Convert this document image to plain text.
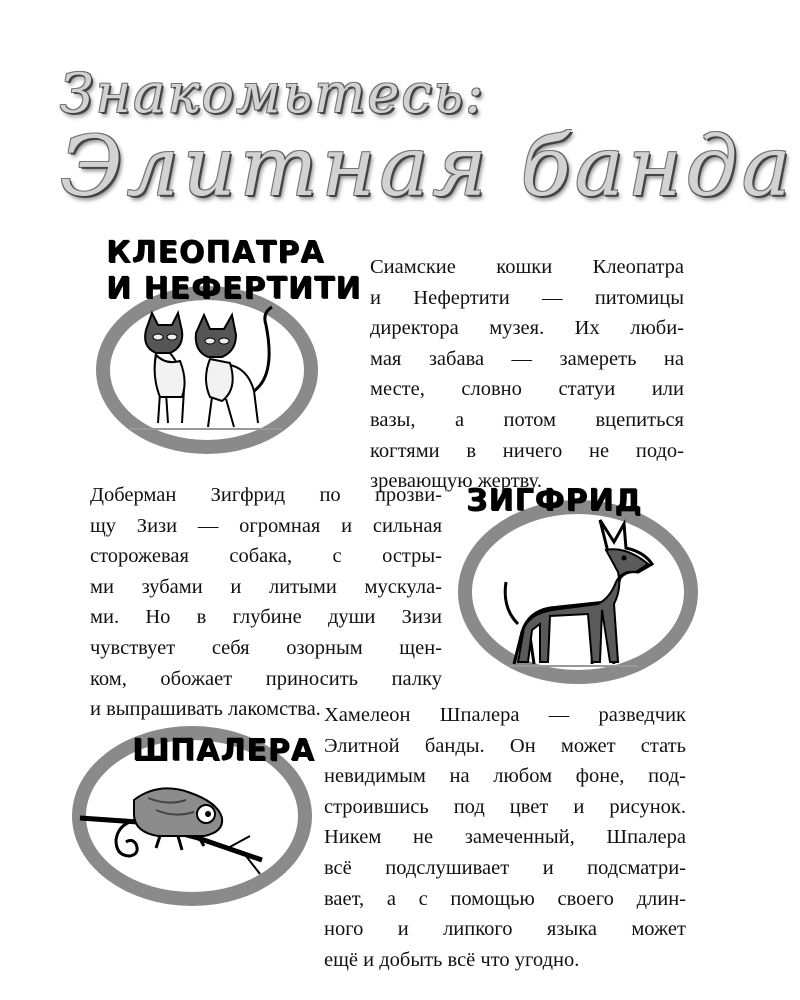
Знакомьтесь:
Элитная банда
КЛЕОПАТРА
И НЕФЕРТИТИ

Сиамские кошки Клеопатра
и Нефертити — питомицы
директора музея. Их люби-
мая забава — замереть на
месте, словно статуи или
вазы, а потом вцепиться
когтями в ничего не подо-
зревающую жертву.

Доберман Зигфрид по прозви-
щу Зизи — огромная и сильная
сторожевая собака, с остры-
ми зубами и литыми мускула-
ми. Но в глубине души Зизи
чувствует себя озорным щен-
ком, обожает приносить палку
и выпрашивать лакомства.

ЗИГФРИД
ШПАЛЕРА

Хамелеон Шпалера — разведчик
Элитной банды. Он может стать
невидимым на любом фоне, под-
строившись под цвет и рисунок.
Никем не замеченный, Шпалера
всё подслушивает и подсматри-
вает, а с помощью своего длин-
ного и липкого языка может
ещё и добыть всё что угодно.
